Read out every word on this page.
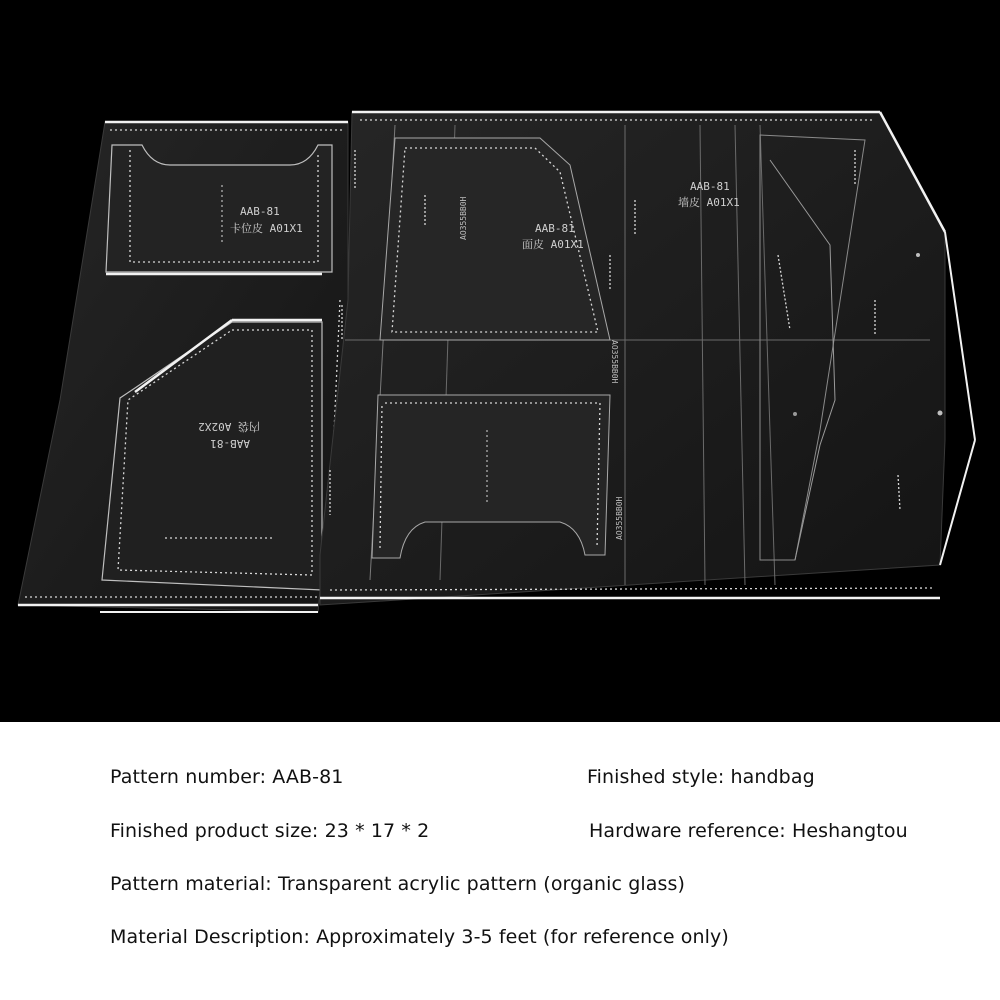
AAB-81
卡位皮 A01X1
AAB-81
内袋 A02X2
AAB-81
面皮 A01X1
AAB-81
墙皮 A01X1
AO355BB0H
AO355BB0H
AO355BB0H
Pattern number: AAB-81	Finished style: handbag
Finished product size: 23 * 17 * 2	Hardware reference: Heshangtou
Pattern material: Transparent acrylic pattern (organic glass)
Material Description: Approximately 3-5 feet (for reference only)
